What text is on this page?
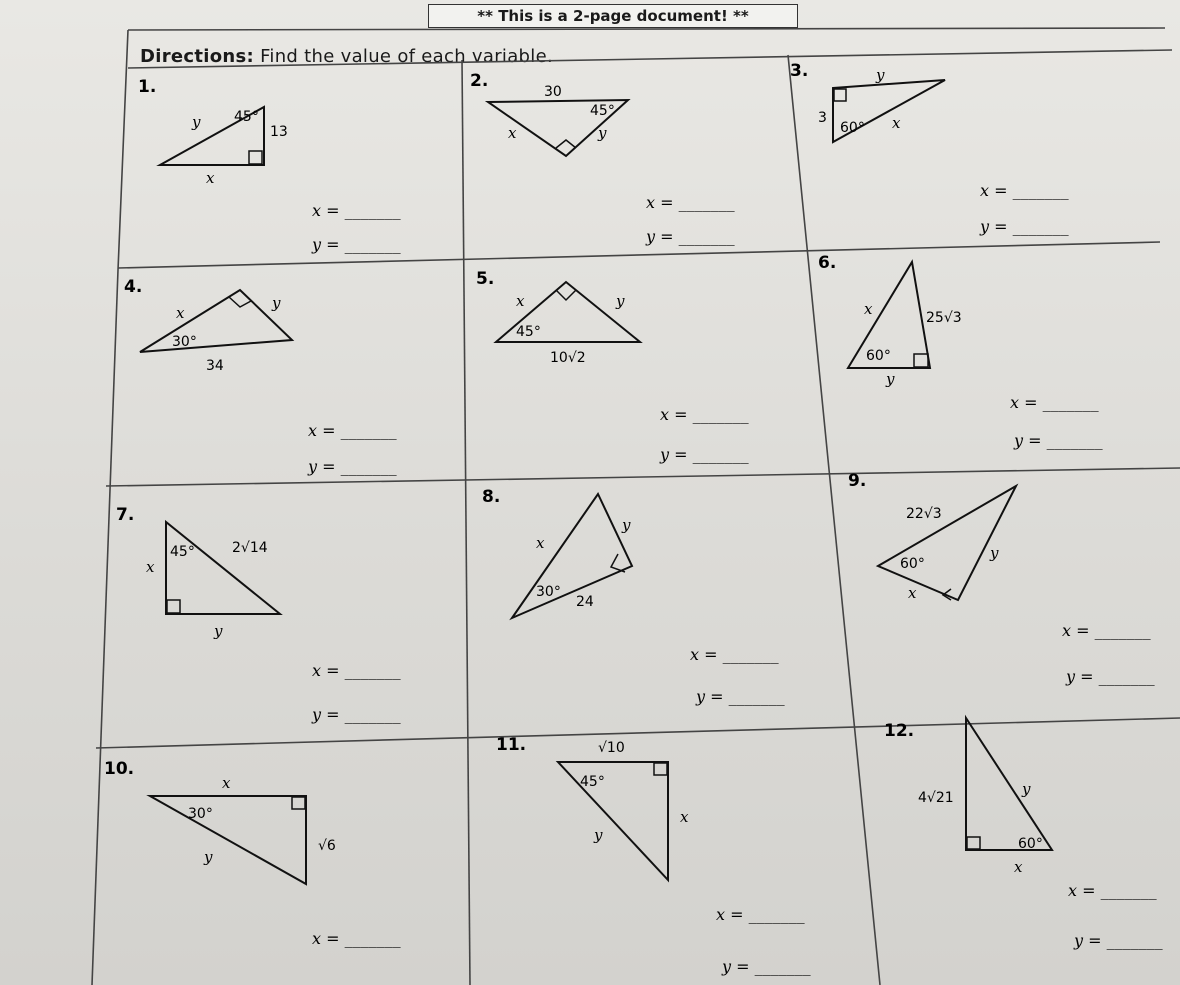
** This is a 2-page document! **
Directions: Find the value of each variable.
1.
y 45°
13
x
x = _______
y = _______
2.
30
45°
x	y
x = _______
y = _______
3.	y
3
60° x
x = _______
y = _______
4.
x
y
30°
34
x = _______
y = _______
5.
x	y
45°
10√2
x = _______
y = _______
6.
x	25√3
60°
y
x = _______
y = _______
7.
45°	2√14
x
y
x = _______
y = _______
8.
x
y
30°
24
x = _______
y = _______
9.
22√3
60°
y
x
x = _______
y = _______
10.
x
30°
√6
y
x = _______
11.	√10
45°
x
y
x = _______
y = _______
12.
4√21	y
60°
x
x = _______
y = _______
